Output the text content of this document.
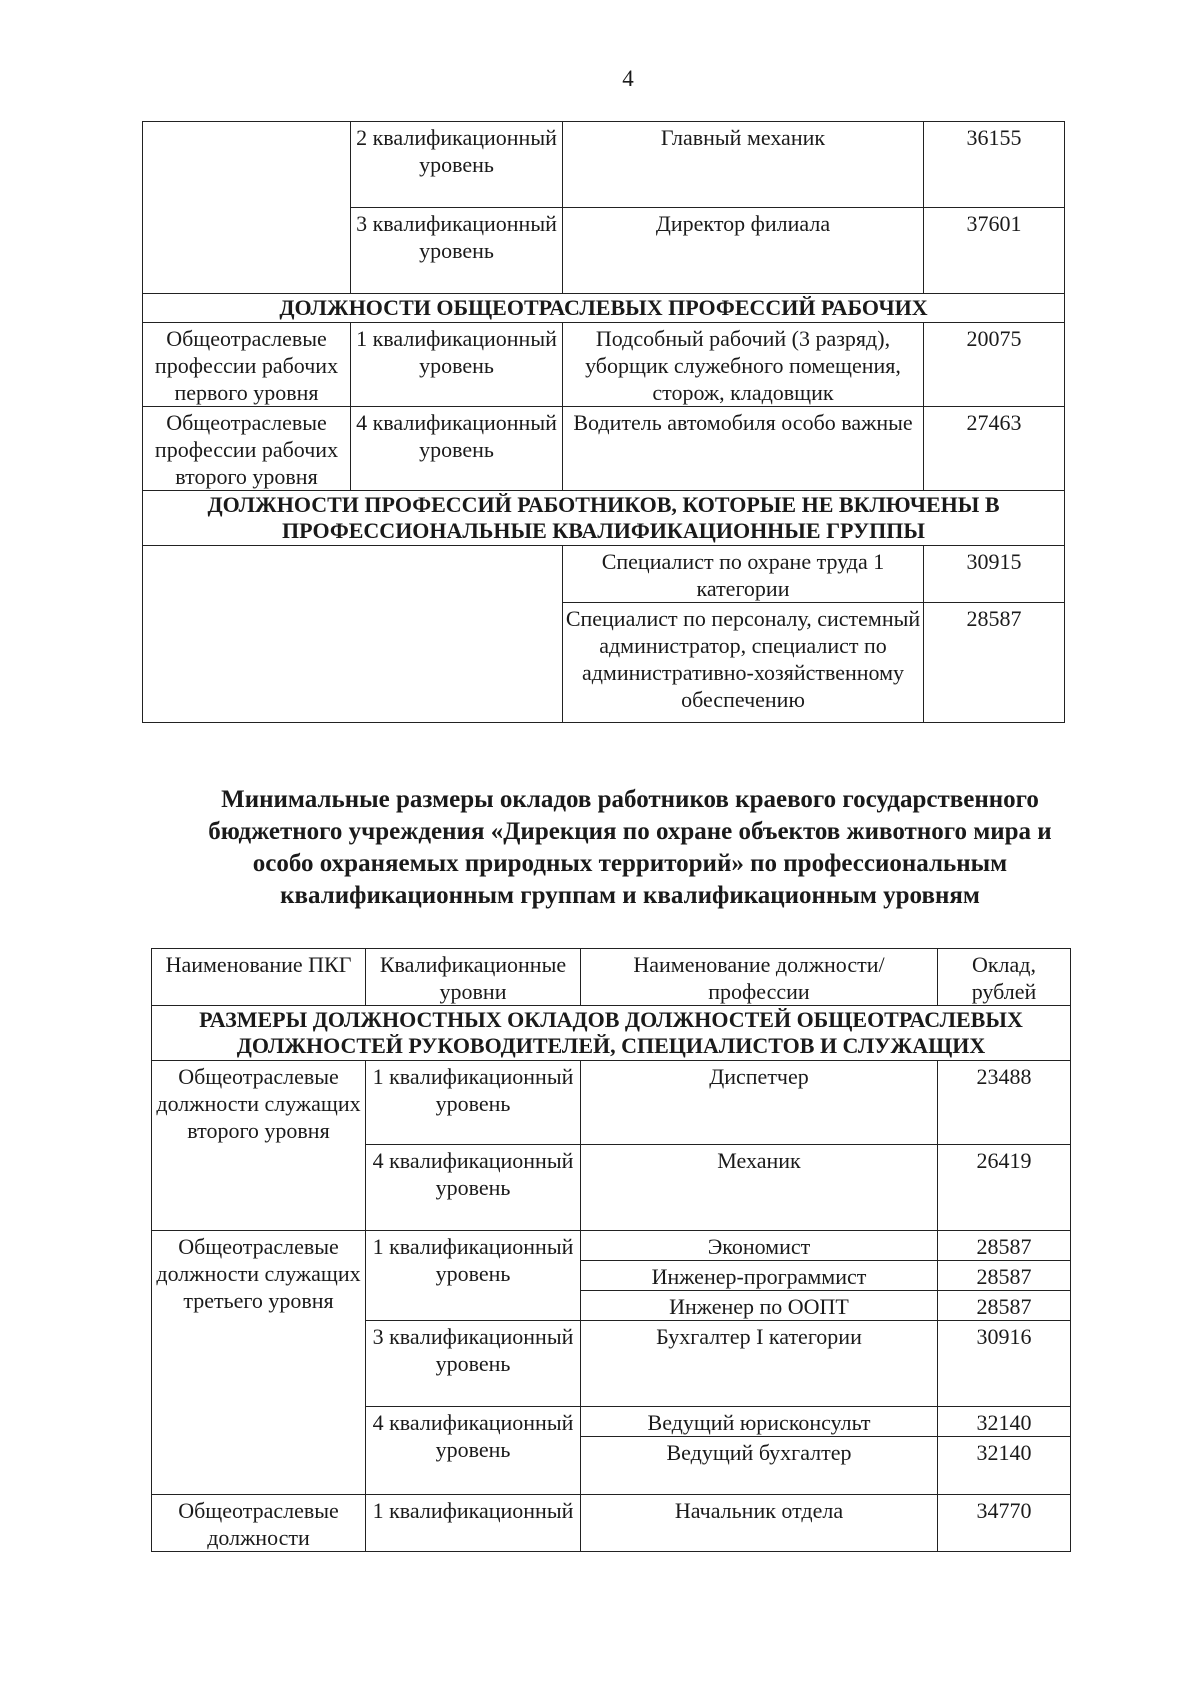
4
	2 квалификационный уровень	Главный механик	36155
	3 квалификационный уровень	Директор филиала	37601
ДОЛЖНОСТИ ОБЩЕОТРАСЛЕВЫХ ПРОФЕССИЙ РАБОЧИХ			
Общеотраслевые профессии рабочих первого уровня	1 квалификационный уровень	Подсобный рабочий (3 разряд), уборщик служебного помещения, сторож, кладовщик	20075
Общеотраслевые профессии рабочих второго уровня	4 квалификационный уровень	Водитель автомобиля особо важные	27463
ДОЛЖНОСТИ ПРОФЕССИЙ РАБОТНИКОВ, КОТОРЫЕ НЕ ВКЛЮЧЕНЫ В ПРОФЕССИОНАЛЬНЫЕ КВАЛИФИКАЦИОННЫЕ ГРУППЫ			
		Специалист по охране труда 1 категории	30915
		Специалист по персоналу, системный администратор, специалист по административно-хозяйственному обеспечению	28587
Минимальные размеры окладов работников краевого государственного
бюджетного учреждения «Дирекция по охране объектов животного мира и
особо охраняемых природных территорий» по профессиональным
квалификационным группам и квалификационным уровням
Наименование ПКГ	Квалификационные уровни	Наименование должности/профессии	Оклад, рублей
РАЗМЕРЫ ДОЛЖНОСТНЫХ ОКЛАДОВ ДОЛЖНОСТЕЙ ОБЩЕОТРАСЛЕВЫХ ДОЛЖНОСТЕЙ РУКОВОДИТЕЛЕЙ, СПЕЦИАЛИСТОВ И СЛУЖАЩИХ			
Общеотраслевые должности служащих второго уровня	1 квалификационный уровень	Диспетчер	23488
	4 квалификационный уровень	Механик	26419
Общеотраслевые должности служащих третьего уровня	1 квалификационный уровень	Экономист	28587
		Инженер-программист	28587
		Инженер по ООПТ	28587
	3 квалификационный уровень	Бухгалтер I категории	30916
	4 квалификационный уровень	Ведущий юрисконсульт	32140
		Ведущий бухгалтер	32140

Общеотраслевые должности	1 квалификационный	Начальник отдела	34770
